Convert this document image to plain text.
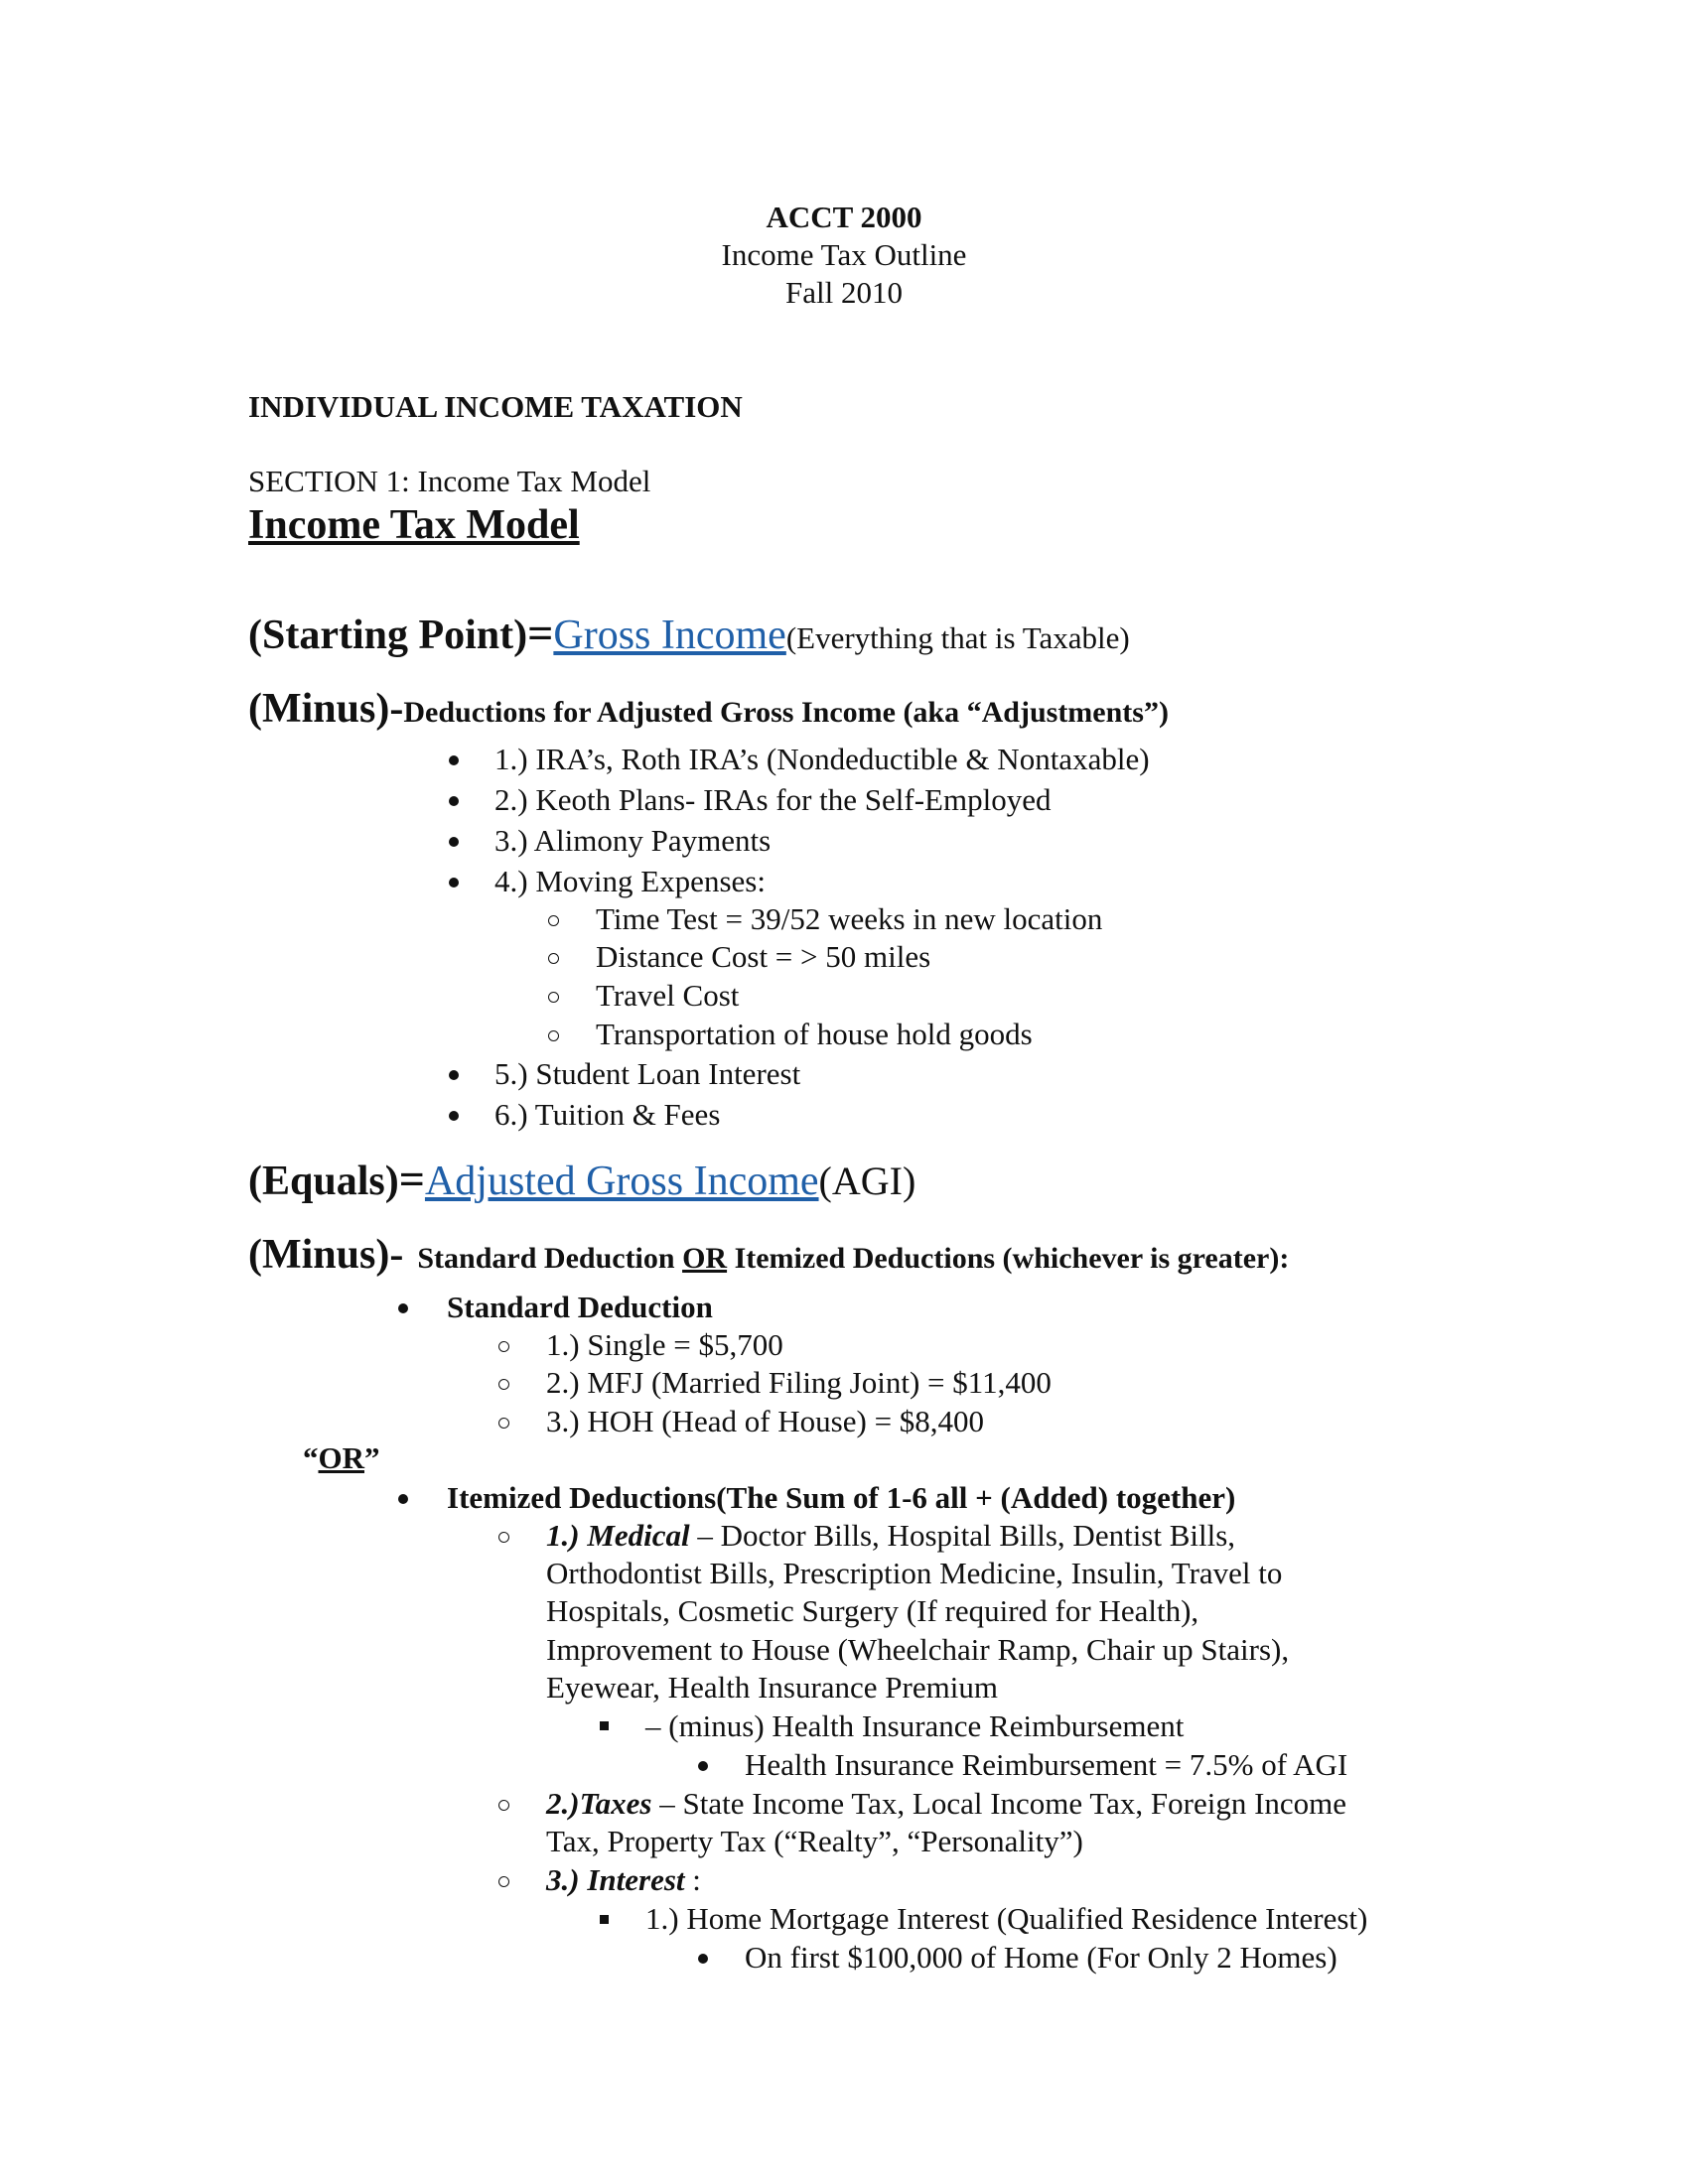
ACCT 2000
Income Tax Outline
Fall 2010
INDIVIDUAL INCOME TAXATION
SECTION 1: Income Tax Model
Income Tax Model
(Starting Point)=Gross Income(Everything that is Taxable)
(Minus)-Deductions for Adjusted Gross Income (aka “Adjustments”)
1.) IRA’s, Roth IRA’s (Nondeductible & Nontaxable)
2.) Keoth Plans- IRAs for the Self-Employed
3.) Alimony Payments
4.) Moving Expenses:
Time Test = 39/52 weeks in new location
Distance Cost = > 50 miles
Travel Cost
Transportation of house hold goods
5.) Student Loan Interest
6.) Tuition & Fees
(Equals)=Adjusted Gross Income(AGI)
(Minus)- Standard Deduction OR Itemized Deductions (whichever is greater):
Standard Deduction
1.) Single = $5,700
2.) MFJ (Married Filing Joint) = $11,400
3.) HOH (Head of House) = $8,400
“OR”
Itemized Deductions(The Sum of 1-6 all + (Added) together)
1.) Medical – Doctor Bills, Hospital Bills, Dentist Bills,
Orthodontist Bills, Prescription Medicine, Insulin, Travel to
Hospitals, Cosmetic Surgery (If required for Health),
Improvement to House (Wheelchair Ramp, Chair up Stairs),
Eyewear, Health Insurance Premium
– (minus) Health Insurance Reimbursement
Health Insurance Reimbursement = 7.5% of AGI
2.)Taxes – State Income Tax, Local Income Tax, Foreign Income
Tax, Property Tax (“Realty”, “Personality”)
3.) Interest :
1.) Home Mortgage Interest (Qualified Residence Interest)
On first $100,000 of Home (For Only 2 Homes)
